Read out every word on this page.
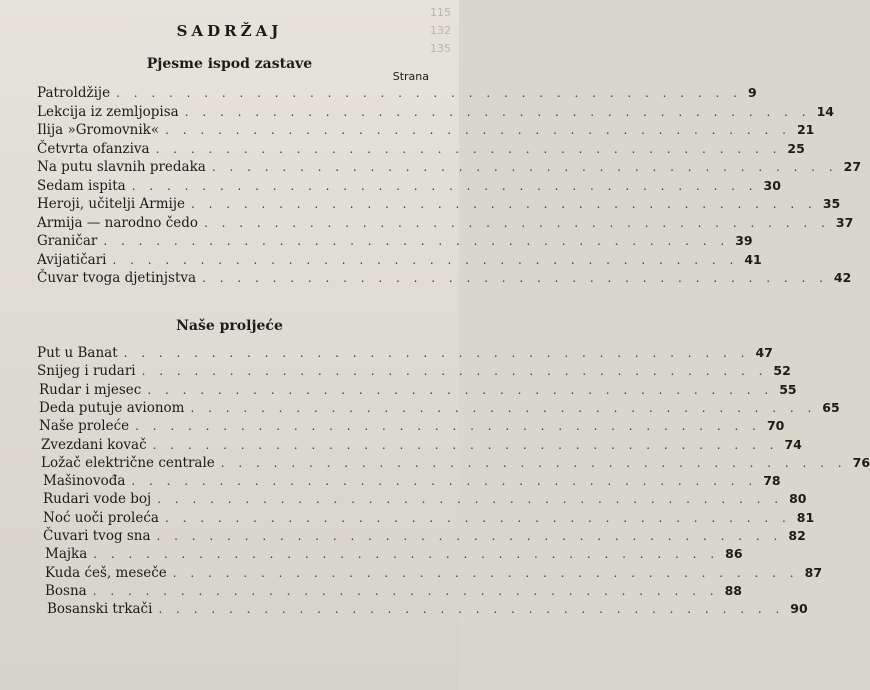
115
132
135
SADRŽAJ
Pjesme ispod zastave
Strana
Patroldžije . . . . . . . . . . . . . . . . . . . . . . . . . . . . . . . . . . . . 9
Lekcija iz zemljopisa . . . . . . . . . . . . . . . . . . . . . . . . . . . . . . . . . . . . 14
Ilija »Gromovnik« . . . . . . . . . . . . . . . . . . . . . . . . . . . . . . . . . . . . 21
Četvrta ofanziva . . . . . . . . . . . . . . . . . . . . . . . . . . . . . . . . . . . . 25
Na putu slavnih predaka . . . . . . . . . . . . . . . . . . . . . . . . . . . . . . . . . . . . 27
Sedam ispita . . . . . . . . . . . . . . . . . . . . . . . . . . . . . . . . . . . . 30
Heroji, učitelji Armije . . . . . . . . . . . . . . . . . . . . . . . . . . . . . . . . . . . . 35
Armija — narodno čedo . . . . . . . . . . . . . . . . . . . . . . . . . . . . . . . . . . . . 37
Graničar . . . . . . . . . . . . . . . . . . . . . . . . . . . . . . . . . . . . 39
Avijatičari . . . . . . . . . . . . . . . . . . . . . . . . . . . . . . . . . . . . 41
Čuvar tvoga djetinjstva . . . . . . . . . . . . . . . . . . . . . . . . . . . . . . . . . . . . 42
Naše proljeće
Put u Banat . . . . . . . . . . . . . . . . . . . . . . . . . . . . . . . . . . . . 47
Snijeg i rudari . . . . . . . . . . . . . . . . . . . . . . . . . . . . . . . . . . . . 52
Rudar i mjesec . . . . . . . . . . . . . . . . . . . . . . . . . . . . . . . . . . . . 55
Deda putuje avionom . . . . . . . . . . . . . . . . . . . . . . . . . . . . . . . . . . . . 65
Naše proleće . . . . . . . . . . . . . . . . . . . . . . . . . . . . . . . . . . . . 70
Zvezdani kovač . . . . . . . . . . . . . . . . . . . . . . . . . . . . . . . . . . . . 74
Ložač električne centrale . . . . . . . . . . . . . . . . . . . . . . . . . . . . . . . . . . . . 76
Mašinovođa . . . . . . . . . . . . . . . . . . . . . . . . . . . . . . . . . . . . 78
Rudari vode boj . . . . . . . . . . . . . . . . . . . . . . . . . . . . . . . . . . . . 80
Noć uoči proleća . . . . . . . . . . . . . . . . . . . . . . . . . . . . . . . . . . . . 81
Čuvari tvog sna . . . . . . . . . . . . . . . . . . . . . . . . . . . . . . . . . . . . 82
Majka . . . . . . . . . . . . . . . . . . . . . . . . . . . . . . . . . . . . 86
Kuda ćeš, meseče . . . . . . . . . . . . . . . . . . . . . . . . . . . . . . . . . . . . 87
Bosna . . . . . . . . . . . . . . . . . . . . . . . . . . . . . . . . . . . . 88
Bosanski trkači . . . . . . . . . . . . . . . . . . . . . . . . . . . . . . . . . . . . 90
